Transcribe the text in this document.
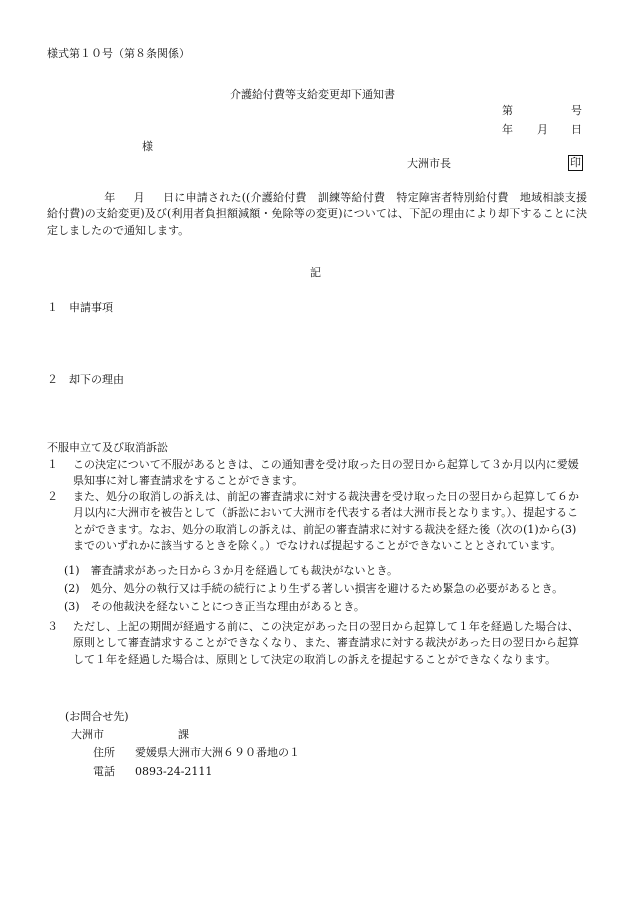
様式第１０号（第８条関係）
介護給付費等支給変更却下通知書
第	号
年 月 日
様
大洲市長	印
年 月 日に申請された((介護給付費　訓練等給付費　特定障害者特別給付費　地域相談支援給付費)の支給変更)及び(利用者負担額減額・免除等の変更)については、下記の理由により却下することに決定しましたので通知します。
記
１ 申請事項
２ 却下の理由
不服申立て及び取消訴訟
１	この決定について不服があるときは、この通知書を受け取った日の翌日から起算して３か月以内に愛媛県知事に対し審査請求をすることができます。
２	また、処分の取消しの訴えは、前記の審査請求に対する裁決書を受け取った日の翌日から起算して６か月以内に大洲市を被告として（訴訟において大洲市を代表する者は大洲市長となります。）、提起することができます。なお、処分の取消しの訴えは、前記の審査請求に対する裁決を経た後（次の(1)から(3)までのいずれかに該当するときを除く。）でなければ提起することができないこととされています。
(1) 審査請求があった日から３か月を経過しても裁決がないとき。
(2) 処分、処分の執行又は手続の続行により生ずる著しい損害を避けるため緊急の必要があるとき。
(3) その他裁決を経ないことにつき正当な理由があるとき。
３	ただし、上記の期間が経過する前に、この決定があった日の翌日から起算して１年を経過した場合は、原則として審査請求することができなくなり、また、審査請求に対する裁決があった日の翌日から起算して１年を経過した場合は、原則として決定の取消しの訴えを提起することができなくなります。
(お問合せ先)
大洲市	課
住所 愛媛県大洲市大洲６９０番地の１
電話 0893-24-2111
